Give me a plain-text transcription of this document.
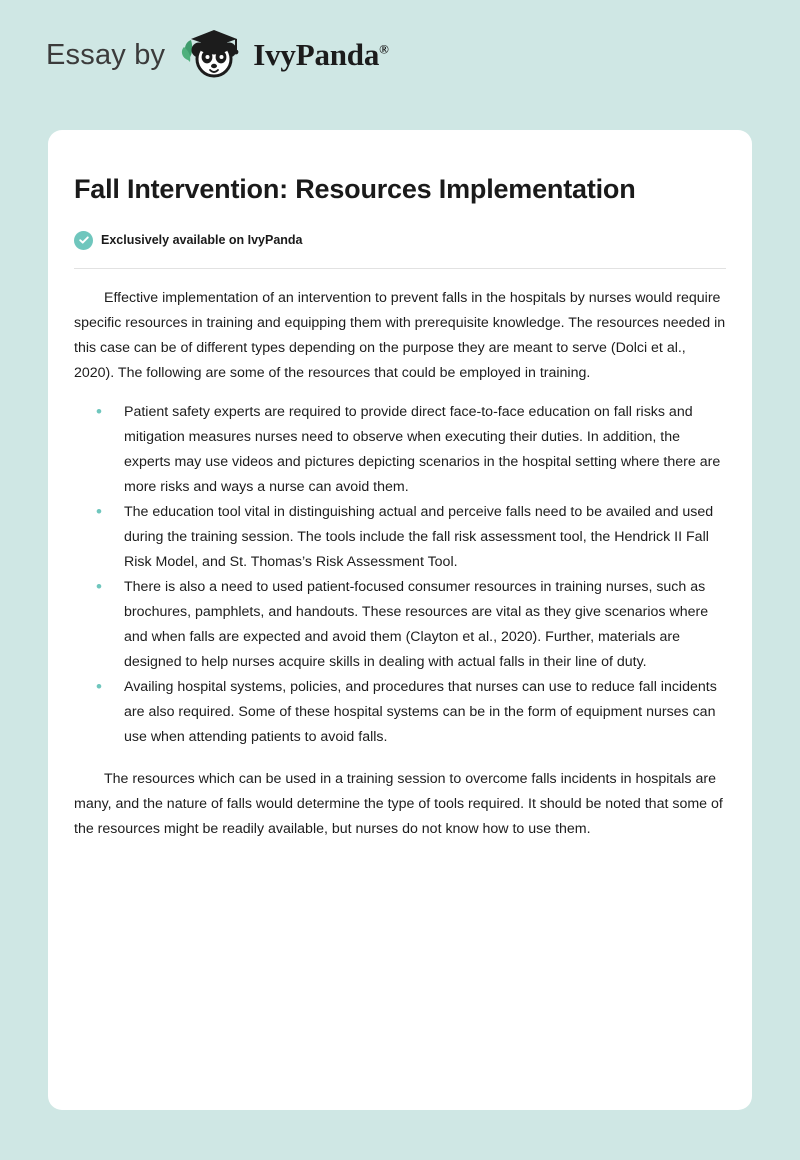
Essay by	IvyPanda®
Fall Intervention: Resources Implementation
Exclusively available on IvyPanda

Effective implementation of an intervention to prevent falls in the hospitals by nurses would require specific resources in training and equipping them with prerequisite knowledge. The resources needed in this case can be of different types depending on the purpose they are meant to serve (Dolci et al., 2020). The following are some of the resources that could be employed in training.

• Patient safety experts are required to provide direct face-to-face education on fall risks and mitigation measures nurses need to observe when executing their duties. In addition, the experts may use videos and pictures depicting scenarios in the hospital setting where there are more risks and ways a nurse can avoid them.
• The education tool vital in distinguishing actual and perceive falls need to be availed and used during the training session. The tools include the fall risk assessment tool, the Hendrick II Fall Risk Model, and St. Thomas’s Risk Assessment Tool.
• There is also a need to used patient-focused consumer resources in training nurses, such as brochures, pamphlets, and handouts. These resources are vital as they give scenarios where and when falls are expected and avoid them (Clayton et al., 2020). Further, materials are designed to help nurses acquire skills in dealing with actual falls in their line of duty.
• Availing hospital systems, policies, and procedures that nurses can use to reduce fall incidents are also required. Some of these hospital systems can be in the form of equipment nurses can use when attending patients to avoid falls.

The resources which can be used in a training session to overcome falls incidents in hospitals are many, and the nature of falls would determine the type of tools required. It should be noted that some of the resources might be readily available, but nurses do not know how to use them.
